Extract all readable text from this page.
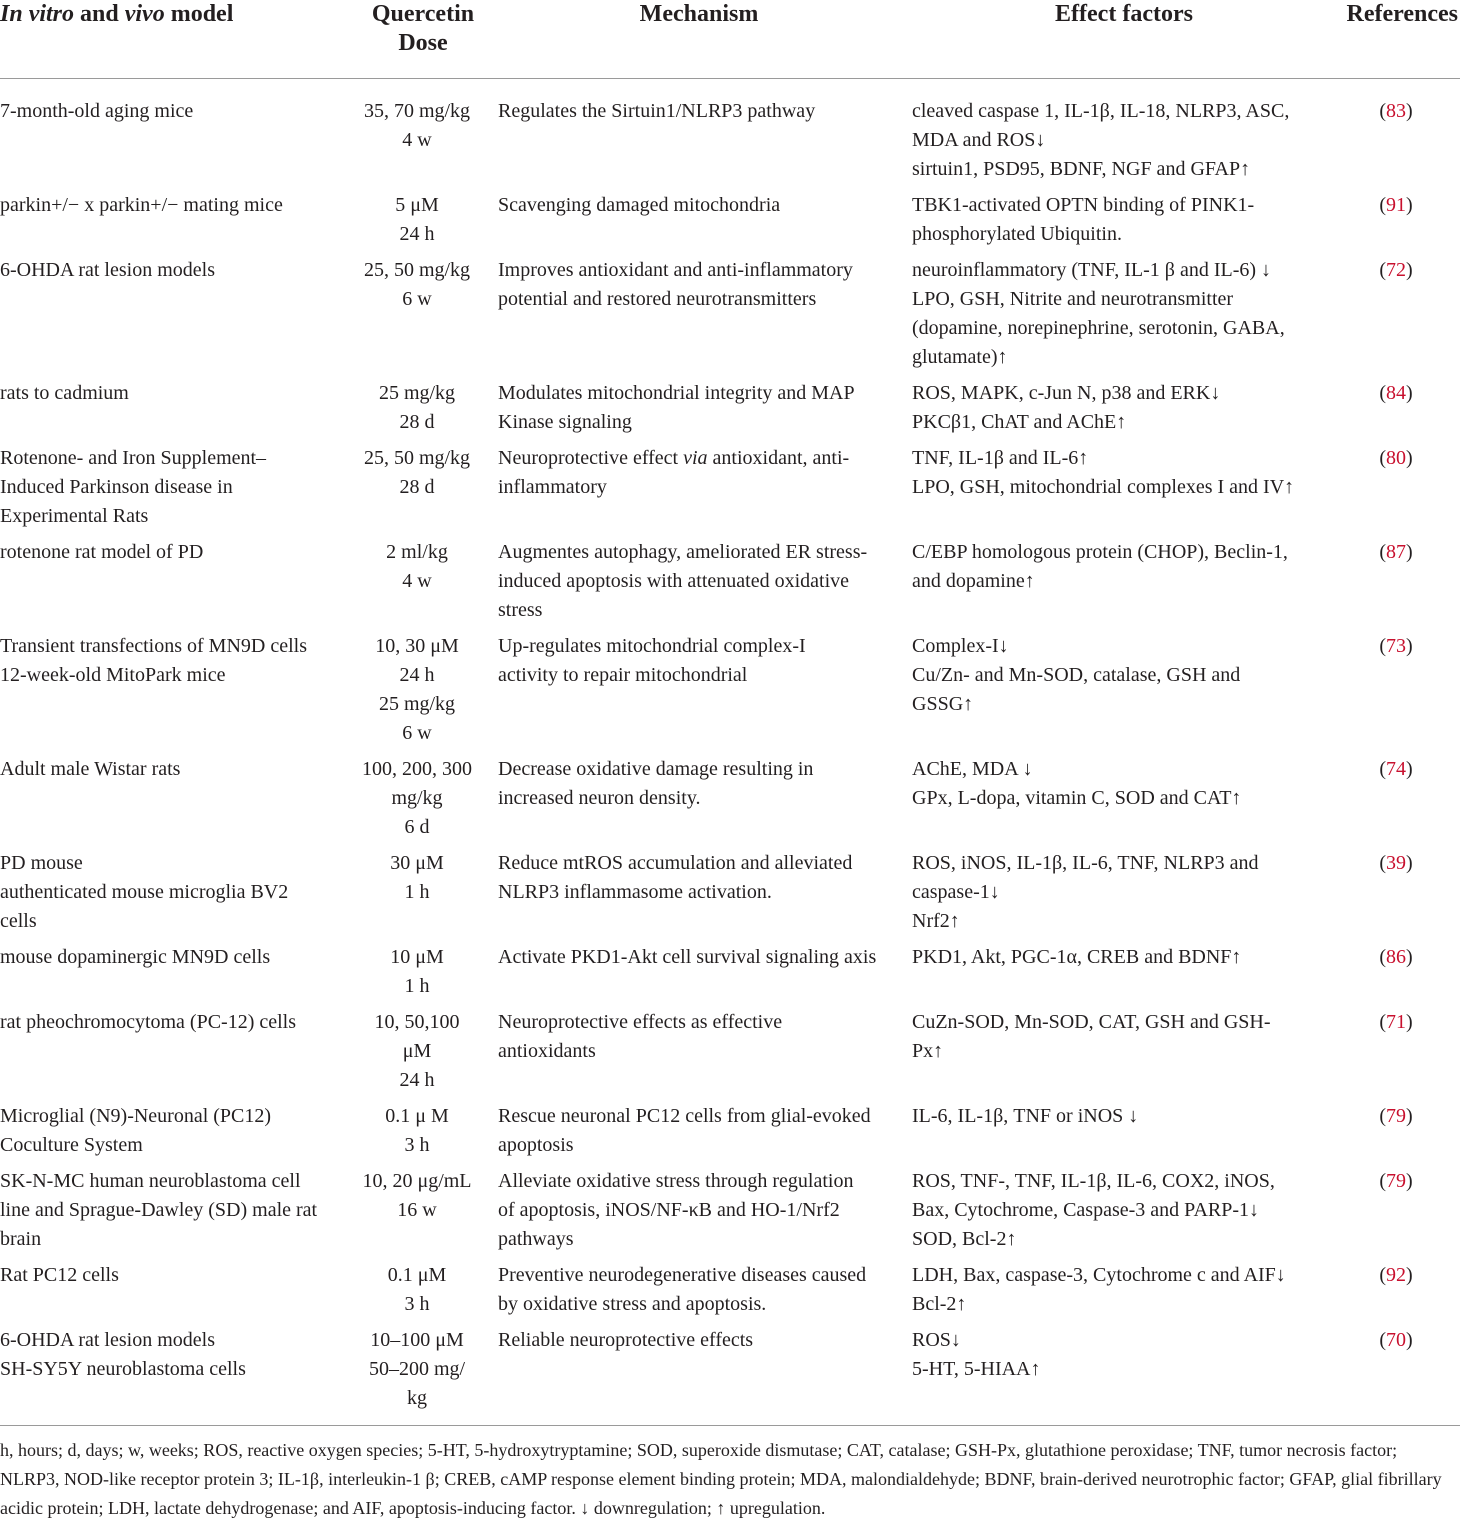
In vitro and vivo model	Quercetin Dose	Mechanism	Effect factors	References

7-month-old aging mice	35, 70 mg/kg
4 w	Regulates the Sirtuin1/NLRP3 pathway	cleaved caspase 1, IL-1β, IL-18, NLRP3, ASC,
MDA and ROS↓
sirtuin1, PSD95, BDNF, NGF and GFAP↑	(83)

parkin+/− x parkin+/− mating mice	5 μM
24 h	Scavenging damaged mitochondria	TBK1-activated OPTN binding of PINK1-
phosphorylated Ubiquitin.	(91)

6-OHDA rat lesion models	25, 50 mg/kg
6 w	Improves antioxidant and anti-inflammatory
potential and restored neurotransmitters	neuroinflammatory (TNF, IL-1 β and IL-6) ↓
LPO, GSH, Nitrite and neurotransmitter
(dopamine, norepinephrine, serotonin, GABA,
glutamate)↑	(72)

rats to cadmium	25 mg/kg
28 d	Modulates mitochondrial integrity and MAP
Kinase signaling	ROS, MAPK, c-Jun N, p38 and ERK↓
PKCβ1, ChAT and AChE↑	(84)

Rotenone- and Iron Supplement–
Induced Parkinson disease in
Experimental Rats	25, 50 mg/kg
28 d	Neuroprotective effect via antioxidant, anti-
inflammatory	TNF, IL-1β and IL-6↑
LPO, GSH, mitochondrial complexes I and IV↑	(80)

rotenone rat model of PD	2 ml/kg
4 w	Augmentes autophagy, ameliorated ER stress-
induced apoptosis with attenuated oxidative
stress	C/EBP homologous protein (CHOP), Beclin-1,
and dopamine↑	(87)

Transient transfections of MN9D cells
12-week-old MitoPark mice	10, 30 μM
24 h
25 mg/kg
6 w	Up-regulates mitochondrial complex-I
activity to repair mitochondrial	Complex-I↓
Cu/Zn- and Mn-SOD, catalase, GSH and
GSSG↑	(73)

Adult male Wistar rats	100, 200, 300
mg/kg
6 d	Decrease oxidative damage resulting in
increased neuron density.	AChE, MDA ↓
GPx, L-dopa, vitamin C, SOD and CAT↑	(74)

PD mouse
authenticated mouse microglia BV2
cells	30 μM
1 h	Reduce mtROS accumulation and alleviated
NLRP3 inflammasome activation.	ROS, iNOS, IL-1β, IL-6, TNF, NLRP3 and
caspase-1↓
Nrf2↑	(39)

mouse dopaminergic MN9D cells	10 μM
1 h	Activate PKD1-Akt cell survival signaling axis	PKD1, Akt, PGC-1α, CREB and BDNF↑	(86)

rat pheochromocytoma (PC-12) cells	10, 50,100
μM
24 h	Neuroprotective effects as effective
antioxidants	CuZn-SOD, Mn-SOD, CAT, GSH and GSH-
Px↑	(71)

Microglial (N9)-Neuronal (PC12)
Coculture System	0.1 μ M
3 h	Rescue neuronal PC12 cells from glial-evoked
apoptosis	IL-6, IL-1β, TNF or iNOS ↓	(79)

SK-N-MC human neuroblastoma cell
line and Sprague-Dawley (SD) male rat
brain	10, 20 μg/mL
16 w	Alleviate oxidative stress through regulation
of apoptosis, iNOS/NF-κB and HO-1/Nrf2
pathways	ROS, TNF-, TNF, IL-1β, IL-6, COX2, iNOS,
Bax, Cytochrome, Caspase-3 and PARP-1↓
SOD, Bcl-2↑	(79)

Rat PC12 cells	0.1 μM
3 h	Preventive neurodegenerative diseases caused
by oxidative stress and apoptosis.	LDH, Bax, caspase-3, Cytochrome c and AIF↓
Bcl-2↑	(92)

6-OHDA rat lesion models
SH-SY5Y neuroblastoma cells	10–100 μM
50–200 mg/
kg	Reliable neuroprotective effects	ROS↓
5-HT, 5-HIAA↑	(70)
h, hours; d, days; w, weeks; ROS, reactive oxygen species; 5-HT, 5-hydroxytryptamine; SOD, superoxide dismutase; CAT, catalase; GSH-Px, glutathione peroxidase; TNF, tumor necrosis factor; NLRP3, NOD-like receptor protein 3; IL-1β, interleukin-1 β; CREB, cAMP response element binding protein; MDA, malondialdehyde; BDNF, brain-derived neurotrophic factor; GFAP, glial fibrillary acidic protein; LDH, lactate dehydrogenase; and AIF, apoptosis-inducing factor. ↓ downregulation; ↑ upregulation.
